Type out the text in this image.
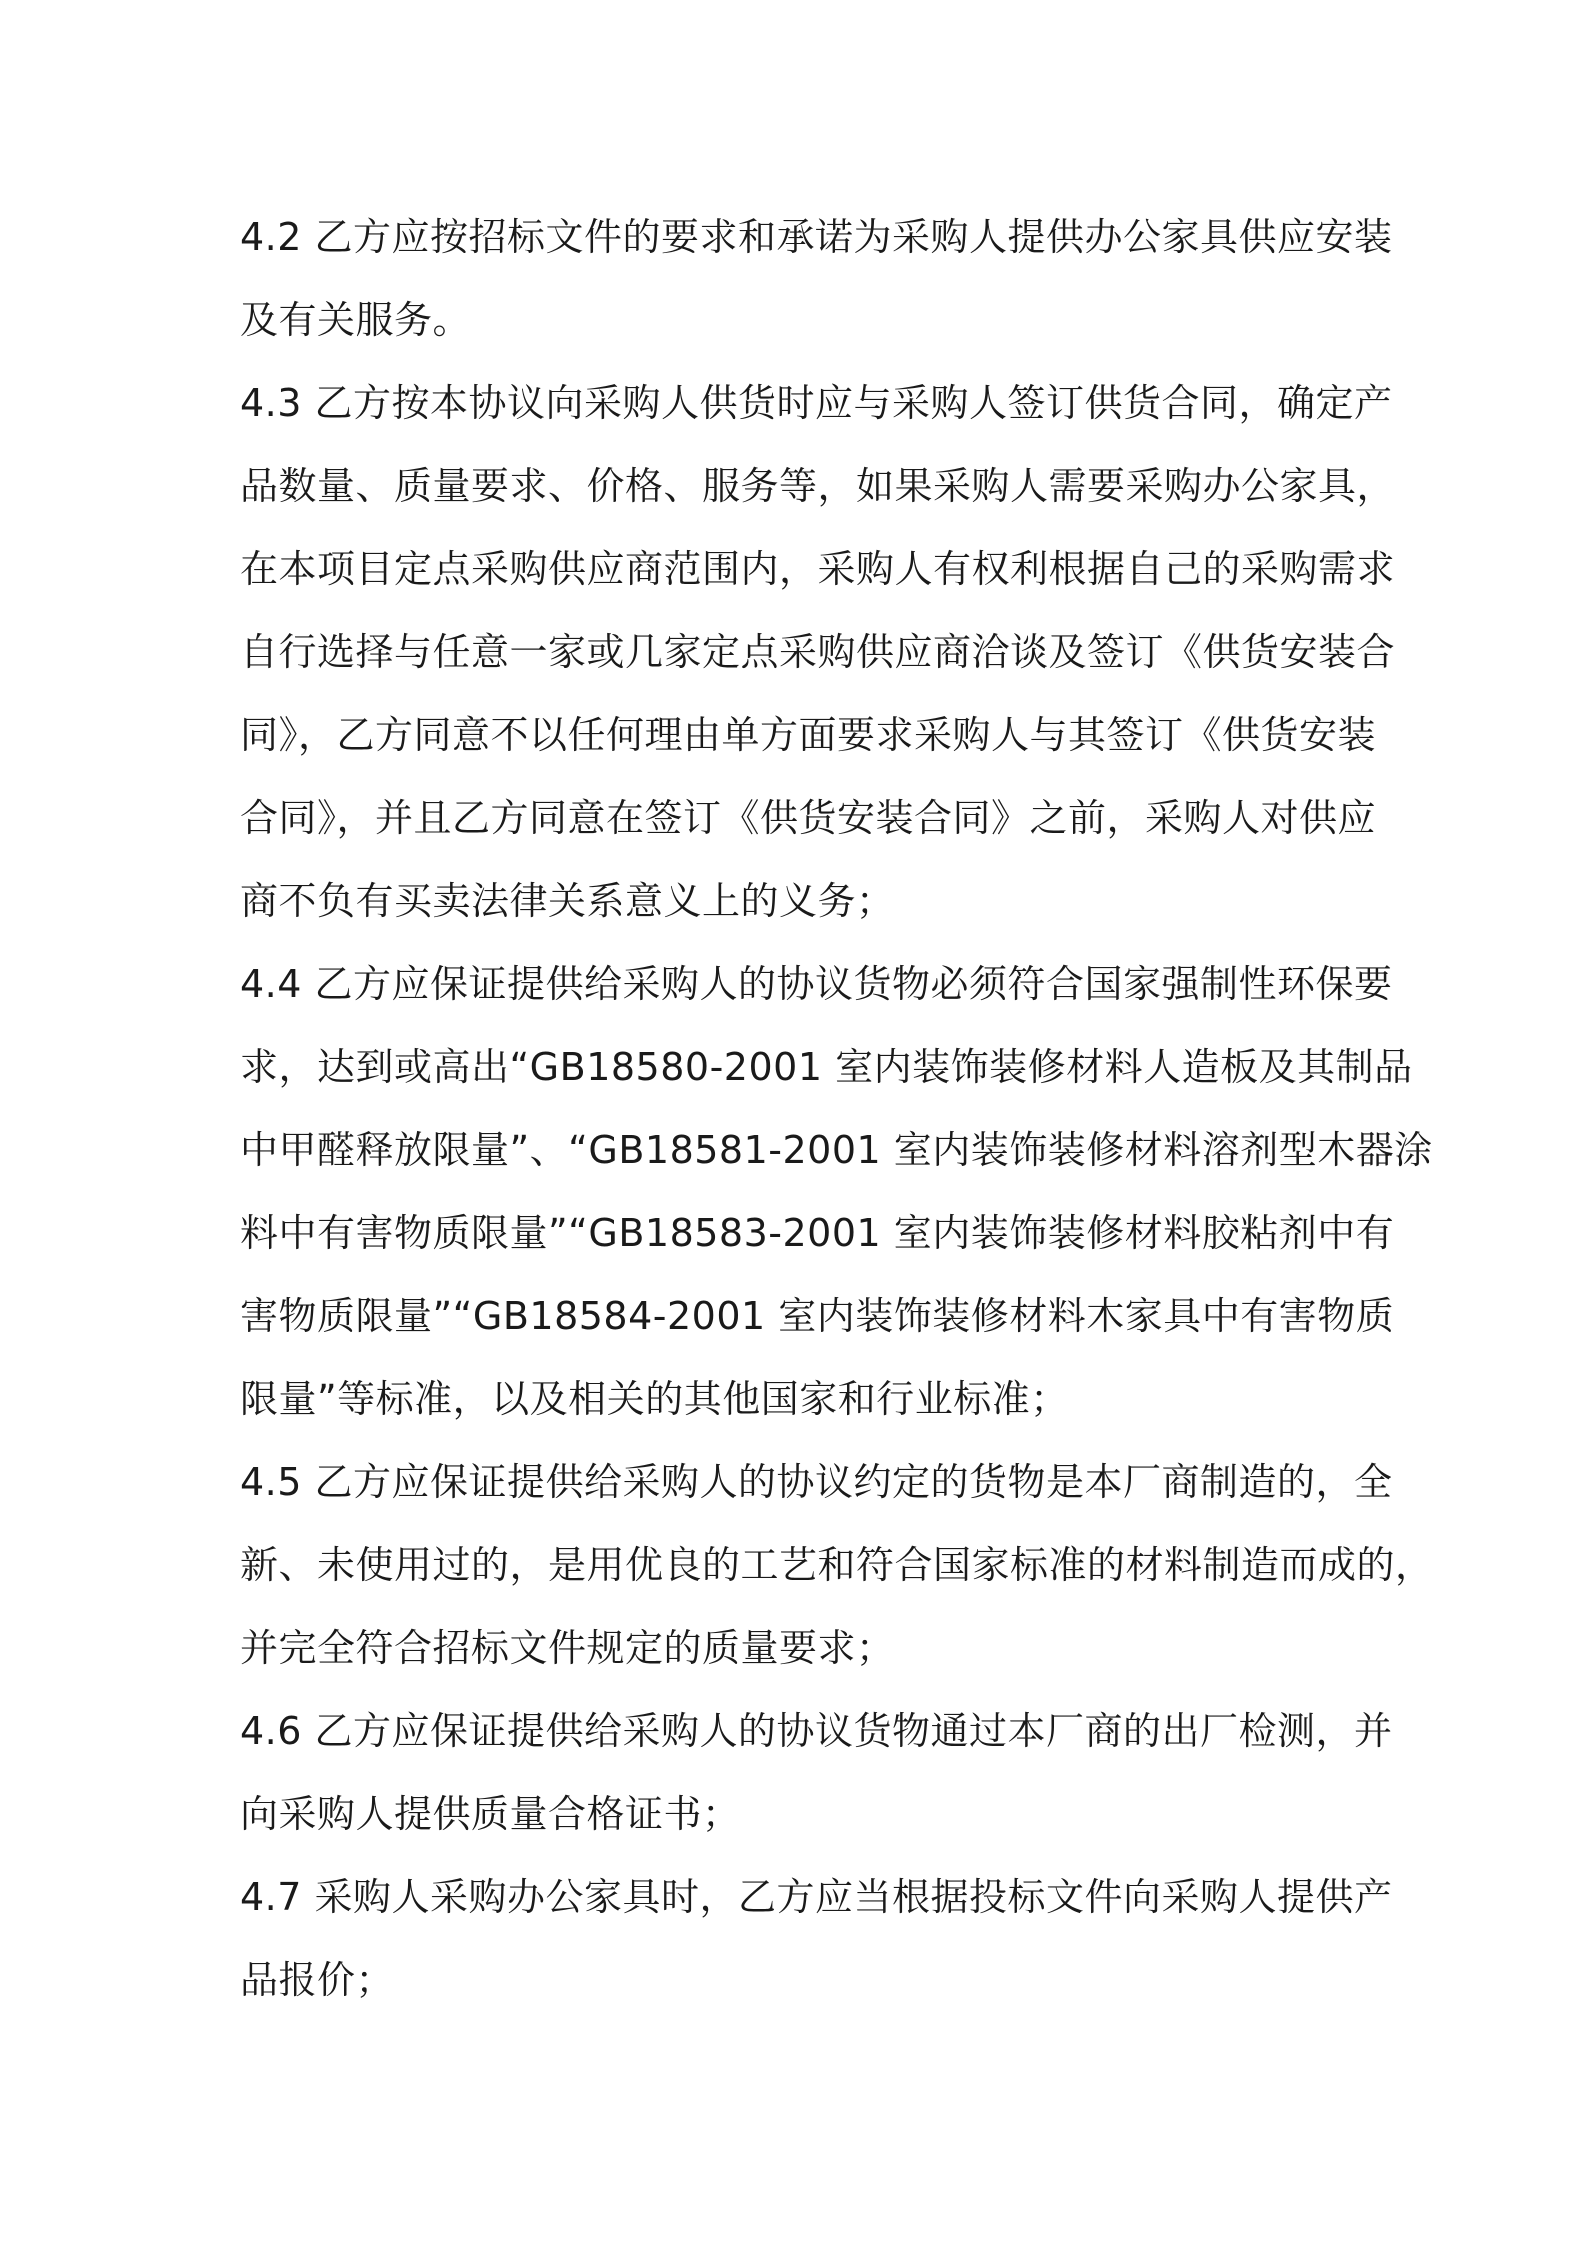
4.2 乙方应按招标文件的要求和承诺为采购人提供办公家具供应安装
及有关服务。
4.3 乙方按本协议向采购人供货时应与采购人签订供货合同，确定产
品数量、质量要求、价格、服务等，如果采购人需要采购办公家具，
在本项目定点采购供应商范围内，采购人有权利根据自己的采购需求
自行选择与任意一家或几家定点采购供应商洽谈及签订《供货安装合
同》，乙方同意不以任何理由单方面要求采购人与其签订《供货安装
合同》，并且乙方同意在签订《供货安装合同》之前，采购人对供应
商不负有买卖法律关系意义上的义务；
4.4 乙方应保证提供给采购人的协议货物必须符合国家强制性环保要
求，达到或高出“GB18580-2001 室内装饰装修材料人造板及其制品
中甲醛释放限量”、“GB18581-2001 室内装饰装修材料溶剂型木器涂
料中有害物质限量”“GB18583-2001 室内装饰装修材料胶粘剂中有
害物质限量”“GB18584-2001 室内装饰装修材料木家具中有害物质
限量”等标准，以及相关的其他国家和行业标准；
4.5 乙方应保证提供给采购人的协议约定的货物是本厂商制造的，全
新、未使用过的，是用优良的工艺和符合国家标准的材料制造而成的，
并完全符合招标文件规定的质量要求；
4.6 乙方应保证提供给采购人的协议货物通过本厂商的出厂检测，并
向采购人提供质量合格证书；
4.7 采购人采购办公家具时，乙方应当根据投标文件向采购人提供产
品报价；
